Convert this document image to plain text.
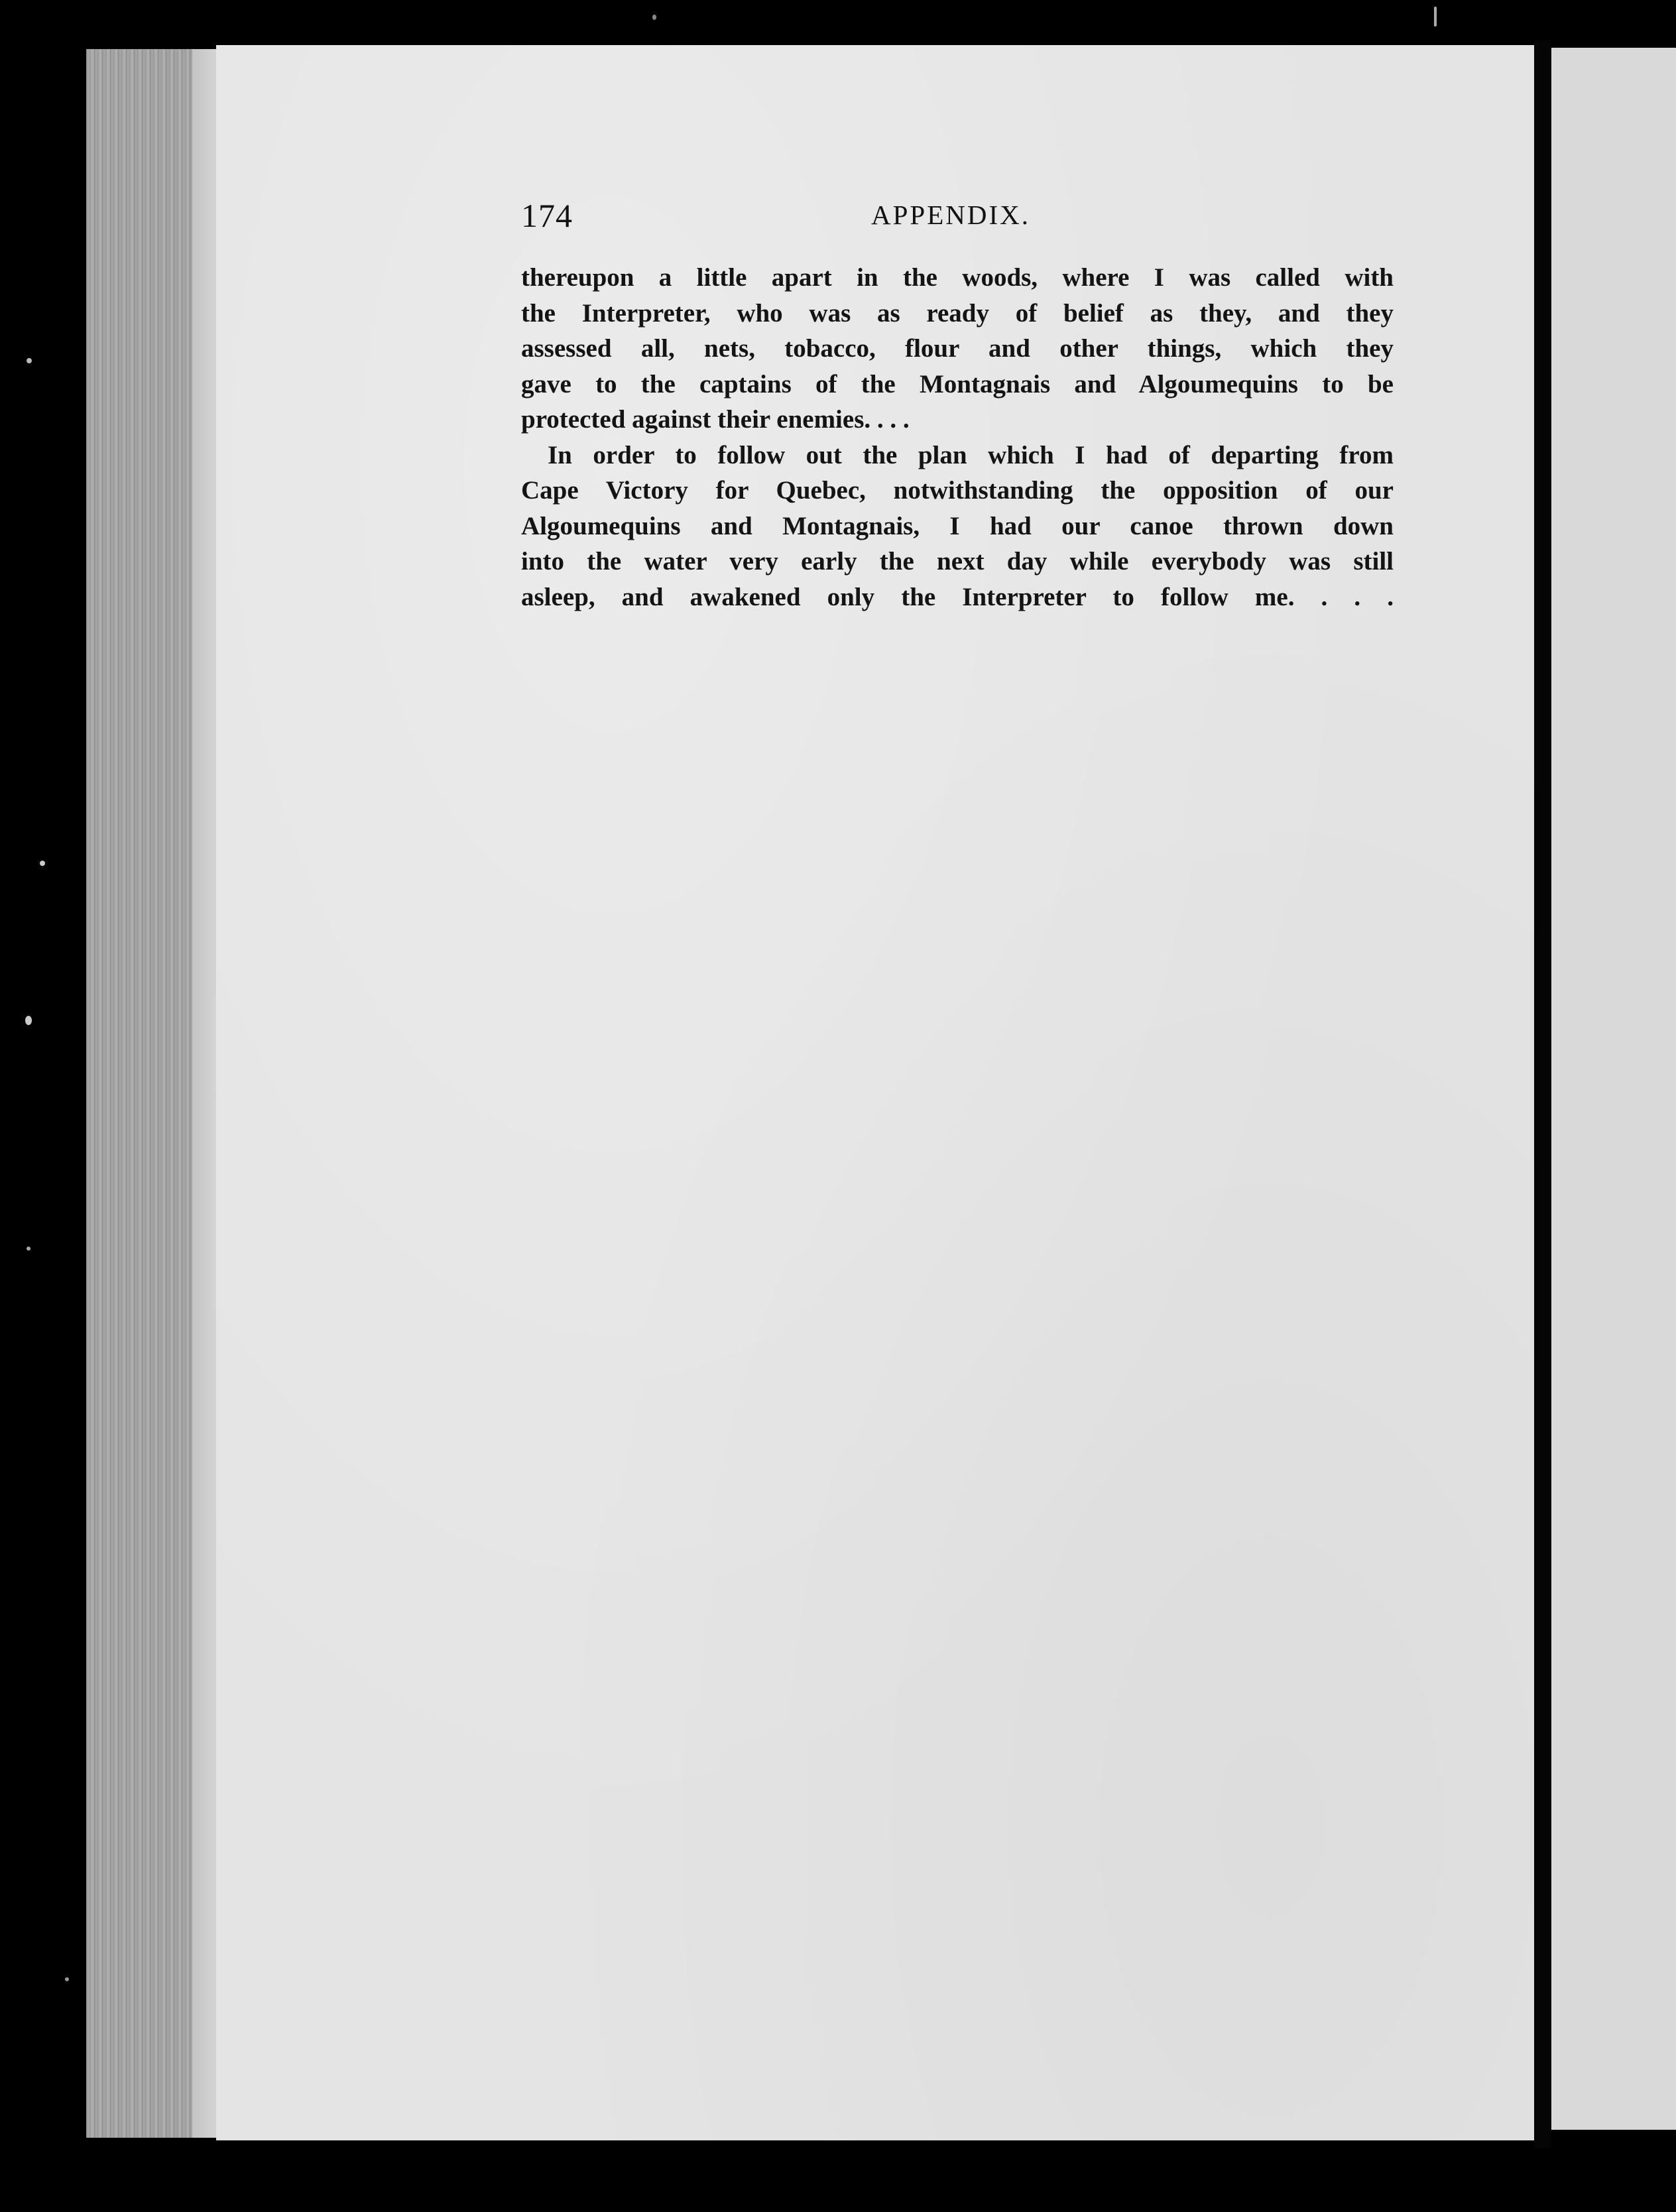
174	APPENDIX.
thereupon a little apart in the woods, where I was called with
the Interpreter, who was as ready of belief as they, and they
assessed all, nets, tobacco, flour and other things, which they
gave to the captains of the Montagnais and Algoumequins to be
protected against their enemies. . . .
In order to follow out the plan which I had of departing from
Cape Victory for Quebec, notwithstanding the opposition of our
Algoumequins and Montagnais, I had our canoe thrown down
into the water very early the next day while everybody was still
asleep, and awakened only the Interpreter to follow me. . . .
